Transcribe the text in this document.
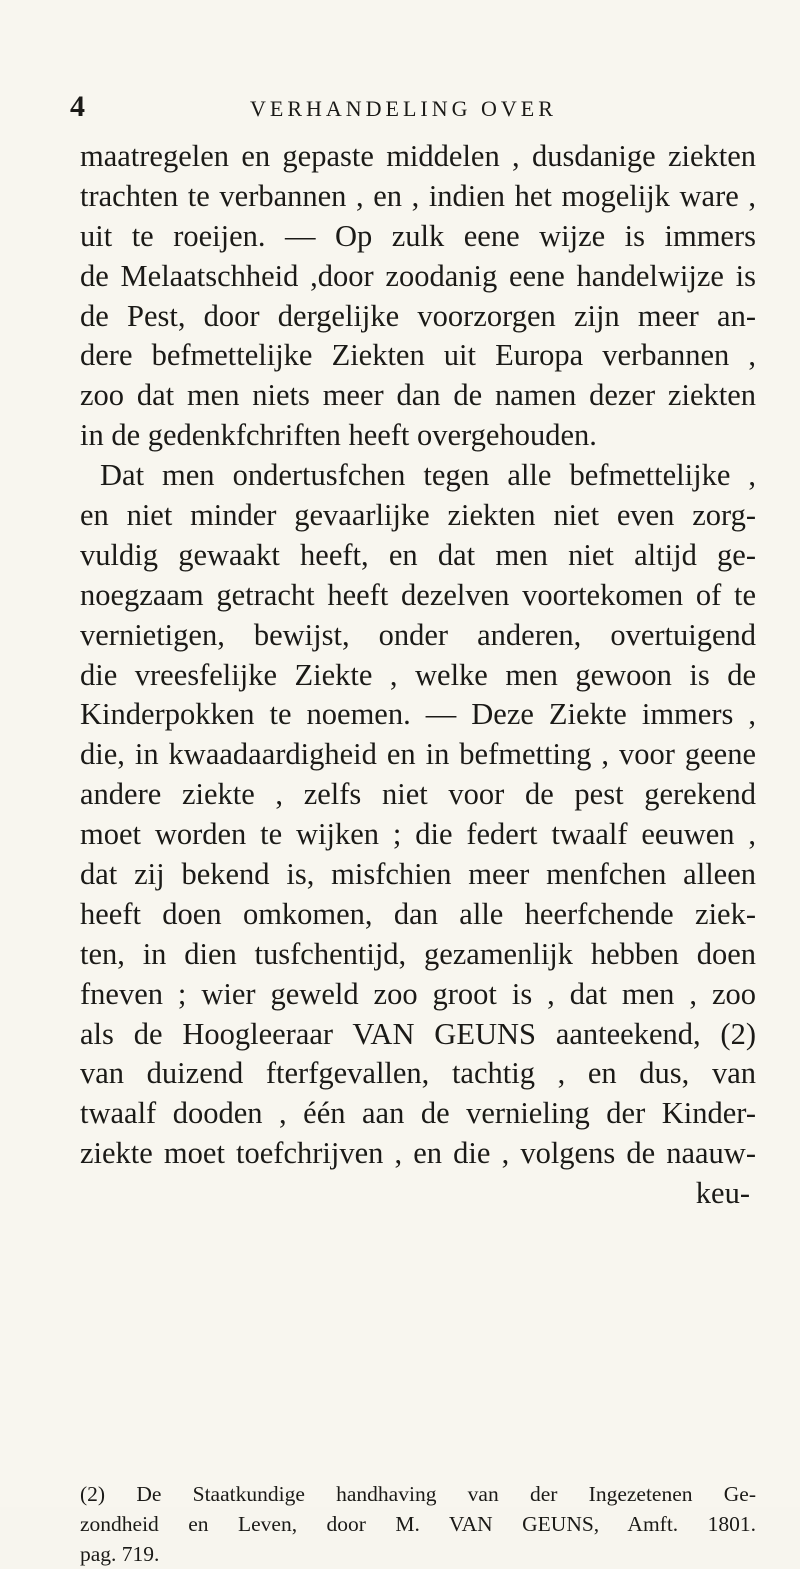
4	VERHANDELING OVER
maatregelen en gepaste middelen , dusdanige ziekten
trachten te verbannen , en , indien het mogelijk ware ,
uit te roeijen. — Op zulk eene wijze is immers
de Melaatschheid ,door zoodanig eene handelwijze is
de Pest, door dergelijke voorzorgen zijn meer an-
dere befmettelijke Ziekten uit Europa verbannen ,
zoo dat men niets meer dan de namen dezer ziekten
in de gedenkfchriften heeft overgehouden.
Dat men ondertusfchen tegen alle befmettelijke ,
en niet minder gevaarlijke ziekten niet even zorg-
vuldig gewaakt heeft, en dat men niet altijd ge-
noegzaam getracht heeft dezelven voortekomen of te
vernietigen, bewijst, onder anderen, overtuigend
die vreesfelijke Ziekte , welke men gewoon is de
Kinderpokken te noemen. — Deze Ziekte immers ,
die, in kwaadaardigheid en in befmetting , voor geene
andere ziekte , zelfs niet voor de pest gerekend
moet worden te wijken ; die federt twaalf eeuwen ,
dat zij bekend is, misfchien meer menfchen alleen
heeft doen omkomen, dan alle heerfchende ziek-
ten, in dien tusfchentijd, gezamenlijk hebben doen
fneven ; wier geweld zoo groot is , dat men , zoo
als de Hoogleeraar VAN GEUNS aanteekend, (2)
van duizend fterfgevallen, tachtig , en dus, van
twaalf dooden , één aan de vernieling der Kinder-
ziekte moet toefchrijven , en die , volgens de naauw-
keu-
(2) De Staatkundige handhaving van der Ingezetenen Ge-
zondheid en Leven, door M. VAN GEUNS, Amft. 1801.
pag. 719.
